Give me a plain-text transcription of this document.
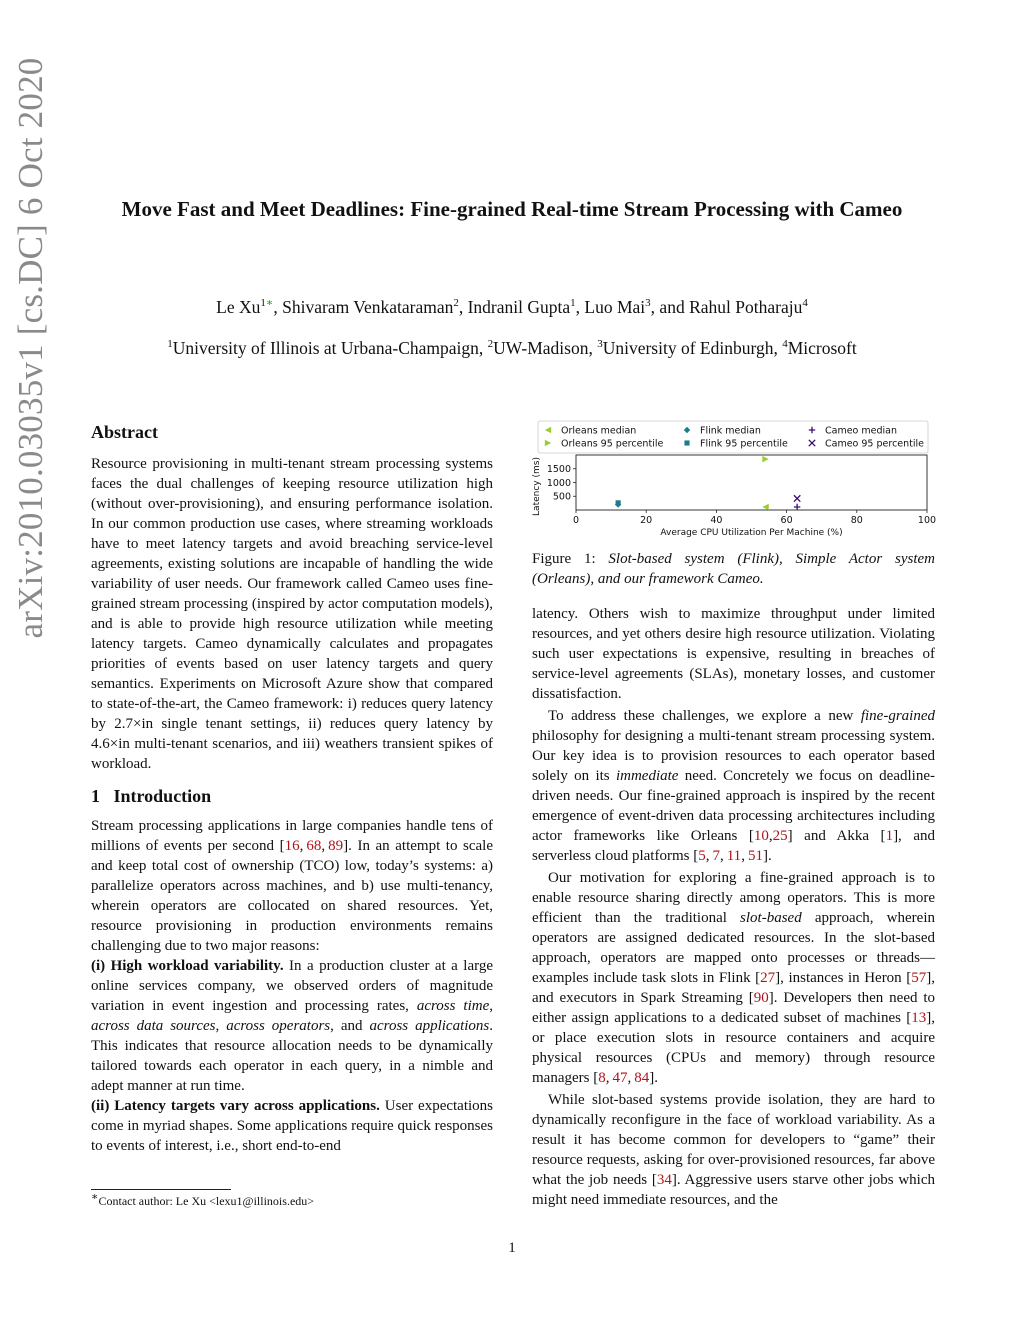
Move Fast and Meet Deadlines: Fine-grained Real-time Stream Processing with Cameo
Le $Xu^{1∗}$, Shivaram Venkataraman$^2$, Indranil Gupta$^1$, Luo Mai$^3$, and Rahul Potharaju$^4$
$^1$University of Illinois at Urbana-Champaign, $^2$UW-Madison, $^3$University of Edinburgh, $^4$Microsoft
arXiv:2010.03035v1 [cs.DC] 6 Oct 2020	Abstract

Resource provisioning in multi-tenant stream processing systems faces the dual challenges of keeping resource utilization high (without over-provisioning), and ensuring performance isolation. In our common production use cases, where streaming workloads have to meet latency targets and avoid breaching service-level agreements, existing solutions are incapable of handling the wide variability of user needs. Our framework called Cameo uses fine-grained stream processing (inspired by actor computation models), and is able to provide high resource utilization while meeting latency targets. Cameo dynamically calculates and propagates priorities of events based on user latency targets and query semantics. Experiments on Microsoft Azure show that compared to state-of-the-art, the Cameo framework: i) reduces query latency by 2.7×in single tenant settings, ii) reduces query latency by 4.6×in multi-tenant scenarios, and iii) weathers transient spikes of workload.

1 Introduction

Stream processing applications in large companies handle tens of millions of events per second [16, 68, 89]. In an attempt to scale and keep total cost of ownership (TCO) low, today’s systems: a) parallelize operators across machines, and b) use multi-tenancy, wherein operators are collocated on shared resources. Yet, resource provisioning in production environments remains challenging due to two major reasons:

(i) High workload variability. In a production cluster at a large online services company, we observed orders of magnitude variation in event ingestion and processing rates, across time, across data sources, across operators, and across applications. This indicates that resource allocation needs to be dynamically tailored towards each operator in each query, in a nimble and adept manner at run time.

(ii) Latency targets vary across applications. User expectations come in myriad shapes. Some applications require quick responses to events of interest, i.e., short end-to-end

∗Contact author: Le Xu <lexu1@illinois.edu>
Orleans median	Flink median	Cameo median
Orleans 95 percentile	Flink 95 percentile	Cameo 95 percentile
0	20	40	60	80	100
500
1000
1500
Average CPU Utilization Per Machine (%)
Latency (ms)
Figure 1: Slot-based system (Flink), Simple Actor system (Orleans), and our framework Cameo.

latency. Others wish to maximize throughput under limited resources, and yet others desire high resource utilization. Violating such user expectations is expensive, resulting in breaches of service-level agreements (SLAs), monetary losses, and customer dissatisfaction.

To address these challenges, we explore a new fine-grained philosophy for designing a multi-tenant stream processing system. Our key idea is to provision resources to each operator based solely on its immediate need. Concretely we focus on deadline-driven needs. Our fine-grained approach is inspired by the recent emergence of event-driven data processing architectures including actor frameworks like Orleans [10,25] and Akka [1], and serverless cloud platforms [5, 7, 11, 51].

Our motivation for exploring a fine-grained approach is to enable resource sharing directly among operators. This is more efficient than the traditional slot-based approach, wherein operators are assigned dedicated resources. In the slot-based approach, operators are mapped onto processes or threads—examples include task slots in Flink [27], instances in Heron [57], and executors in Spark Streaming [90]. Developers then need to either assign applications to a dedicated subset of machines [13], or place execution slots in resource containers and acquire physical resources (CPUs and memory) through resource managers [8, 47, 84].

While slot-based systems provide isolation, they are hard to dynamically reconfigure in the face of workload variability. As a result it has become common for developers to “game” their resource requests, asking for over-provisioned resources, far above what the job needs [34]. Aggressive users starve other jobs which might need immediate resources, and the

1
